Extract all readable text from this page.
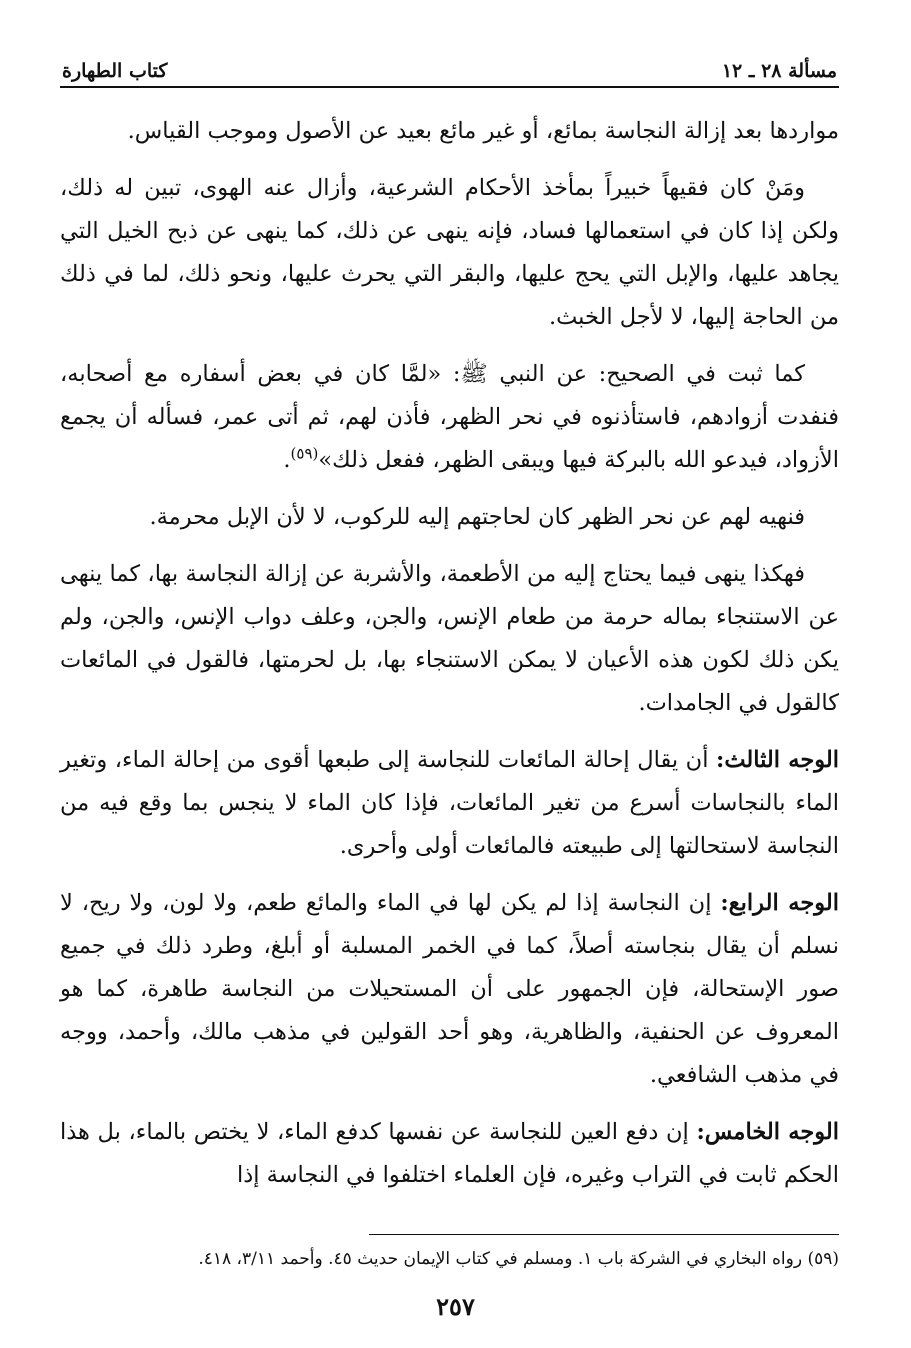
مسألة ٢٨ ـ ١٢
كتاب الطهارة

مواردها بعد إزالة النجاسة بمائع، أو غير مائع بعيد عن الأصول وموجب القياس.

ومَنْ كان فقيهاً خبيراً بمأخذ الأحكام الشرعية، وأزال عنه الهوى، تبين له ذلك، ولكن إذا كان في استعمالها فساد، فإنه ينهى عن ذلك، كما ينهى عن ذبح الخيل التي يجاهد عليها، والإبل التي يحج عليها، والبقر التي يحرث عليها، ونحو ذلك، لما في ذلك من الحاجة إليها، لا لأجل الخبث.

كما ثبت في الصحيح: عن النبي ﷺ: «لمَّا كان في بعض أسفاره مع أصحابه، فنفدت أزوادهم، فاستأذنوه في نحر الظهر، فأذن لهم، ثم أتى عمر، فسأله أن يجمع الأزواد، فيدعو الله بالبركة فيها ويبقى الظهر، ففعل ذلك»$^{(٥٩)}$.

فنهيه لهم عن نحر الظهر كان لحاجتهم إليه للركوب، لا لأن الإبل محرمة.

فهكذا ينهى فيما يحتاج إليه من الأطعمة، والأشربة عن إزالة النجاسة بها، كما ينهى عن الاستنجاء بماله حرمة من طعام الإنس، والجن، وعلف دواب الإنس، والجن، ولم يكن ذلك لكون هذه الأعيان لا يمكن الاستنجاء بها، بل لحرمتها، فالقول في المائعات كالقول في الجامدات.

الوجه الثالث: أن يقال إحالة المائعات للنجاسة إلى طبعها أقوى من إحالة الماء، وتغير الماء بالنجاسات أسرع من تغير المائعات، فإذا كان الماء لا ينجس بما وقع فيه من النجاسة لاستحالتها إلى طبيعته فالمائعات أولى وأحرى.

الوجه الرابع: إن النجاسة إذا لم يكن لها في الماء والمائع طعم، ولا لون، ولا ريح، لا نسلم أن يقال بنجاسته أصلاً، كما في الخمر المسلبة أو أبلغ، وطرد ذلك في جميع صور الإستحالة، فإن الجمهور على أن المستحيلات من النجاسة طاهرة، كما هو المعروف عن الحنفية، والظاهرية، وهو أحد القولين في مذهب مالك، وأحمد، ووجه في مذهب الشافعي.

الوجه الخامس: إن دفع العين للنجاسة عن نفسها كدفع الماء، لا يختص بالماء، بل هذا الحكم ثابت في التراب وغيره، فإن العلماء اختلفوا في النجاسة إذا

(٥٩) رواه البخاري في الشركة باب ١. ومسلم في كتاب الإيمان حديث ٤٥. وأحمد ٣/١١، ٤١٨.
٢٥٧
